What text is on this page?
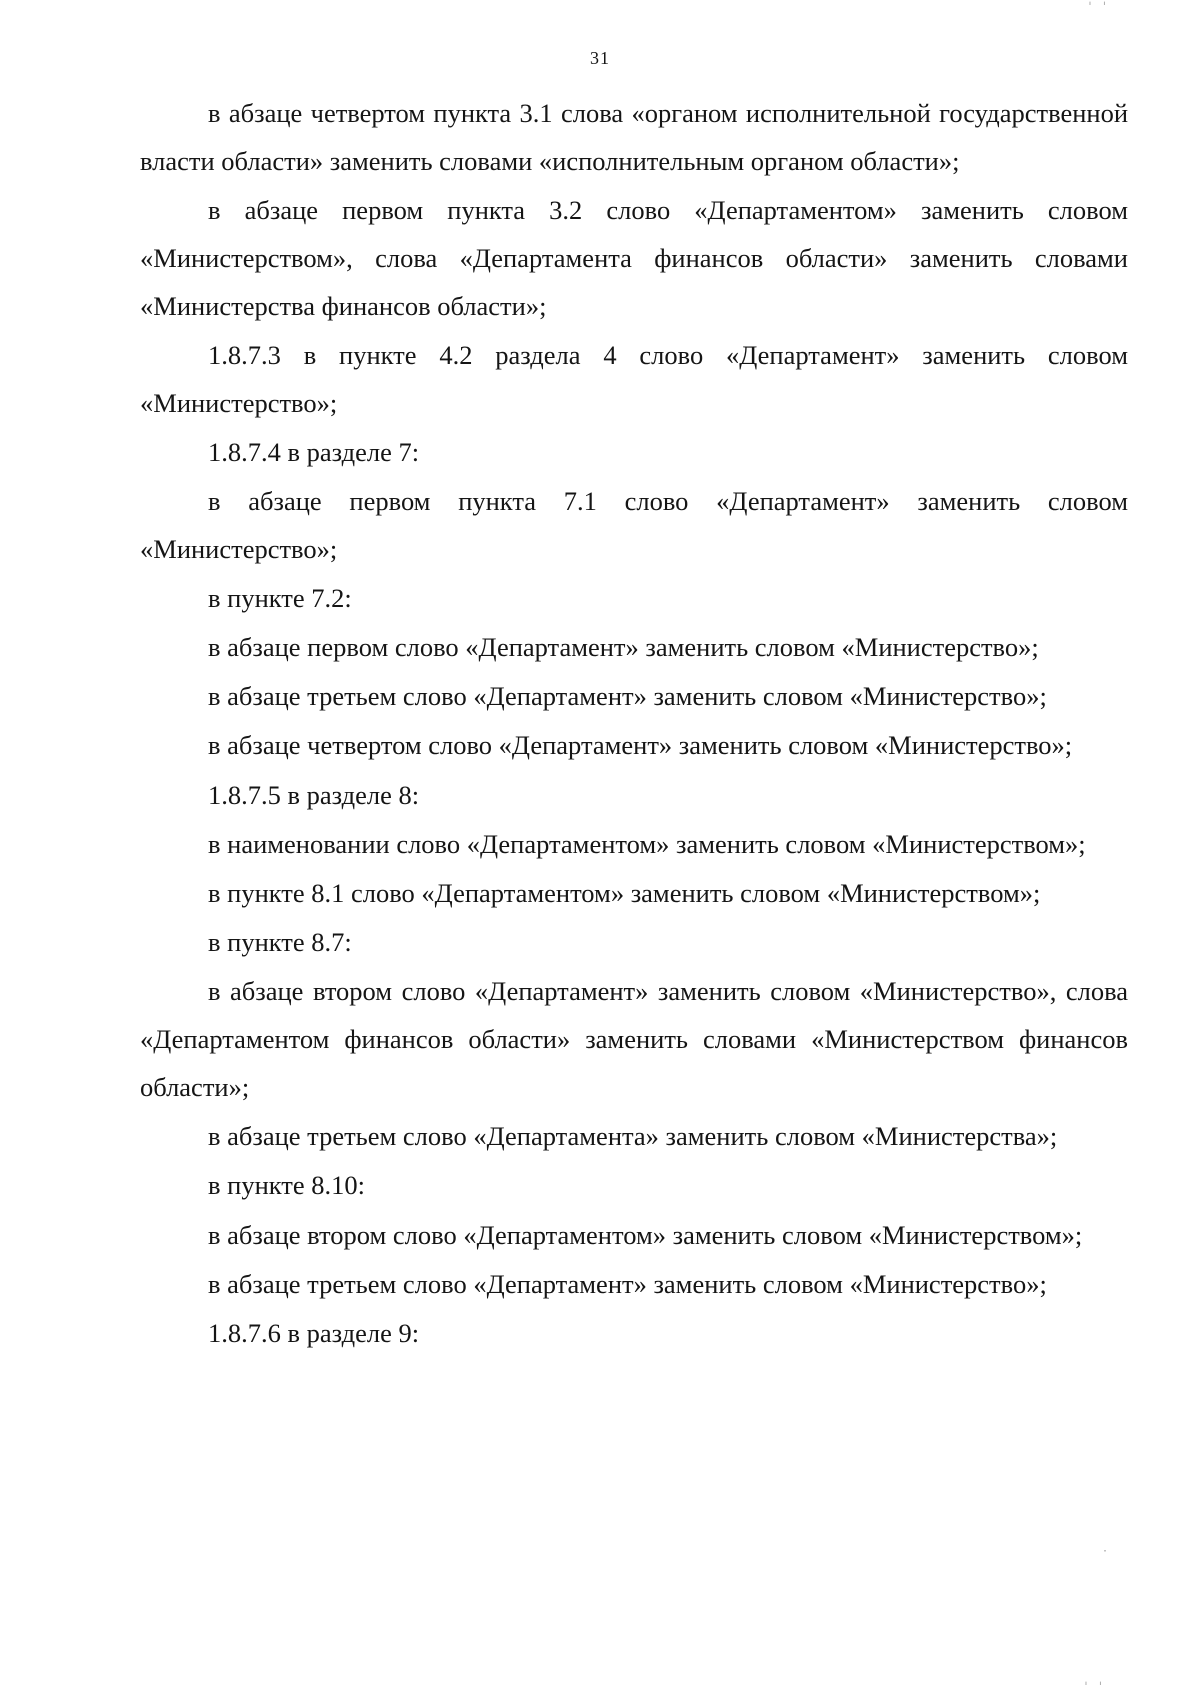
ˈ ˈ
31

в абзаце четвертом пункта 3.1 слова «органом исполнительной государственной власти области» заменить словами «исполнительным органом области»;

в абзаце первом пункта 3.2 слово «Департаментом» заменить словом «Министерством», слова «Департамента финансов области» заменить словами «Министерства финансов области»;

1.8.7.3 в пункте 4.2 раздела 4 слово «Департамент» заменить словом «Министерство»;

1.8.7.4 в разделе 7:

в абзаце первом пункта 7.1 слово «Департамент» заменить словом «Министерство»;

в пункте 7.2:

в абзаце первом слово «Департамент» заменить словом «Министерство»;

в абзаце третьем слово «Департамент» заменить словом «Министерство»;

в абзаце четвертом слово «Департамент» заменить словом «Министерство»;

1.8.7.5 в разделе 8:

в наименовании слово «Департаментом» заменить словом «Министерством»;

в пункте 8.1 слово «Департаментом» заменить словом «Министерством»;

в пункте 8.7:

в абзаце втором слово «Департамент» заменить словом «Министерство», слова «Департаментом финансов области» заменить словами «Министерством финансов области»;

в абзаце третьем слово «Департамента» заменить словом «Министерства»;

в пункте 8.10:

в абзаце втором слово «Департаментом» заменить словом «Министерством»;

в абзаце третьем слово «Департамент» заменить словом «Министерство»;

1.8.7.6 в разделе 9:

·
ˈ ˈ
